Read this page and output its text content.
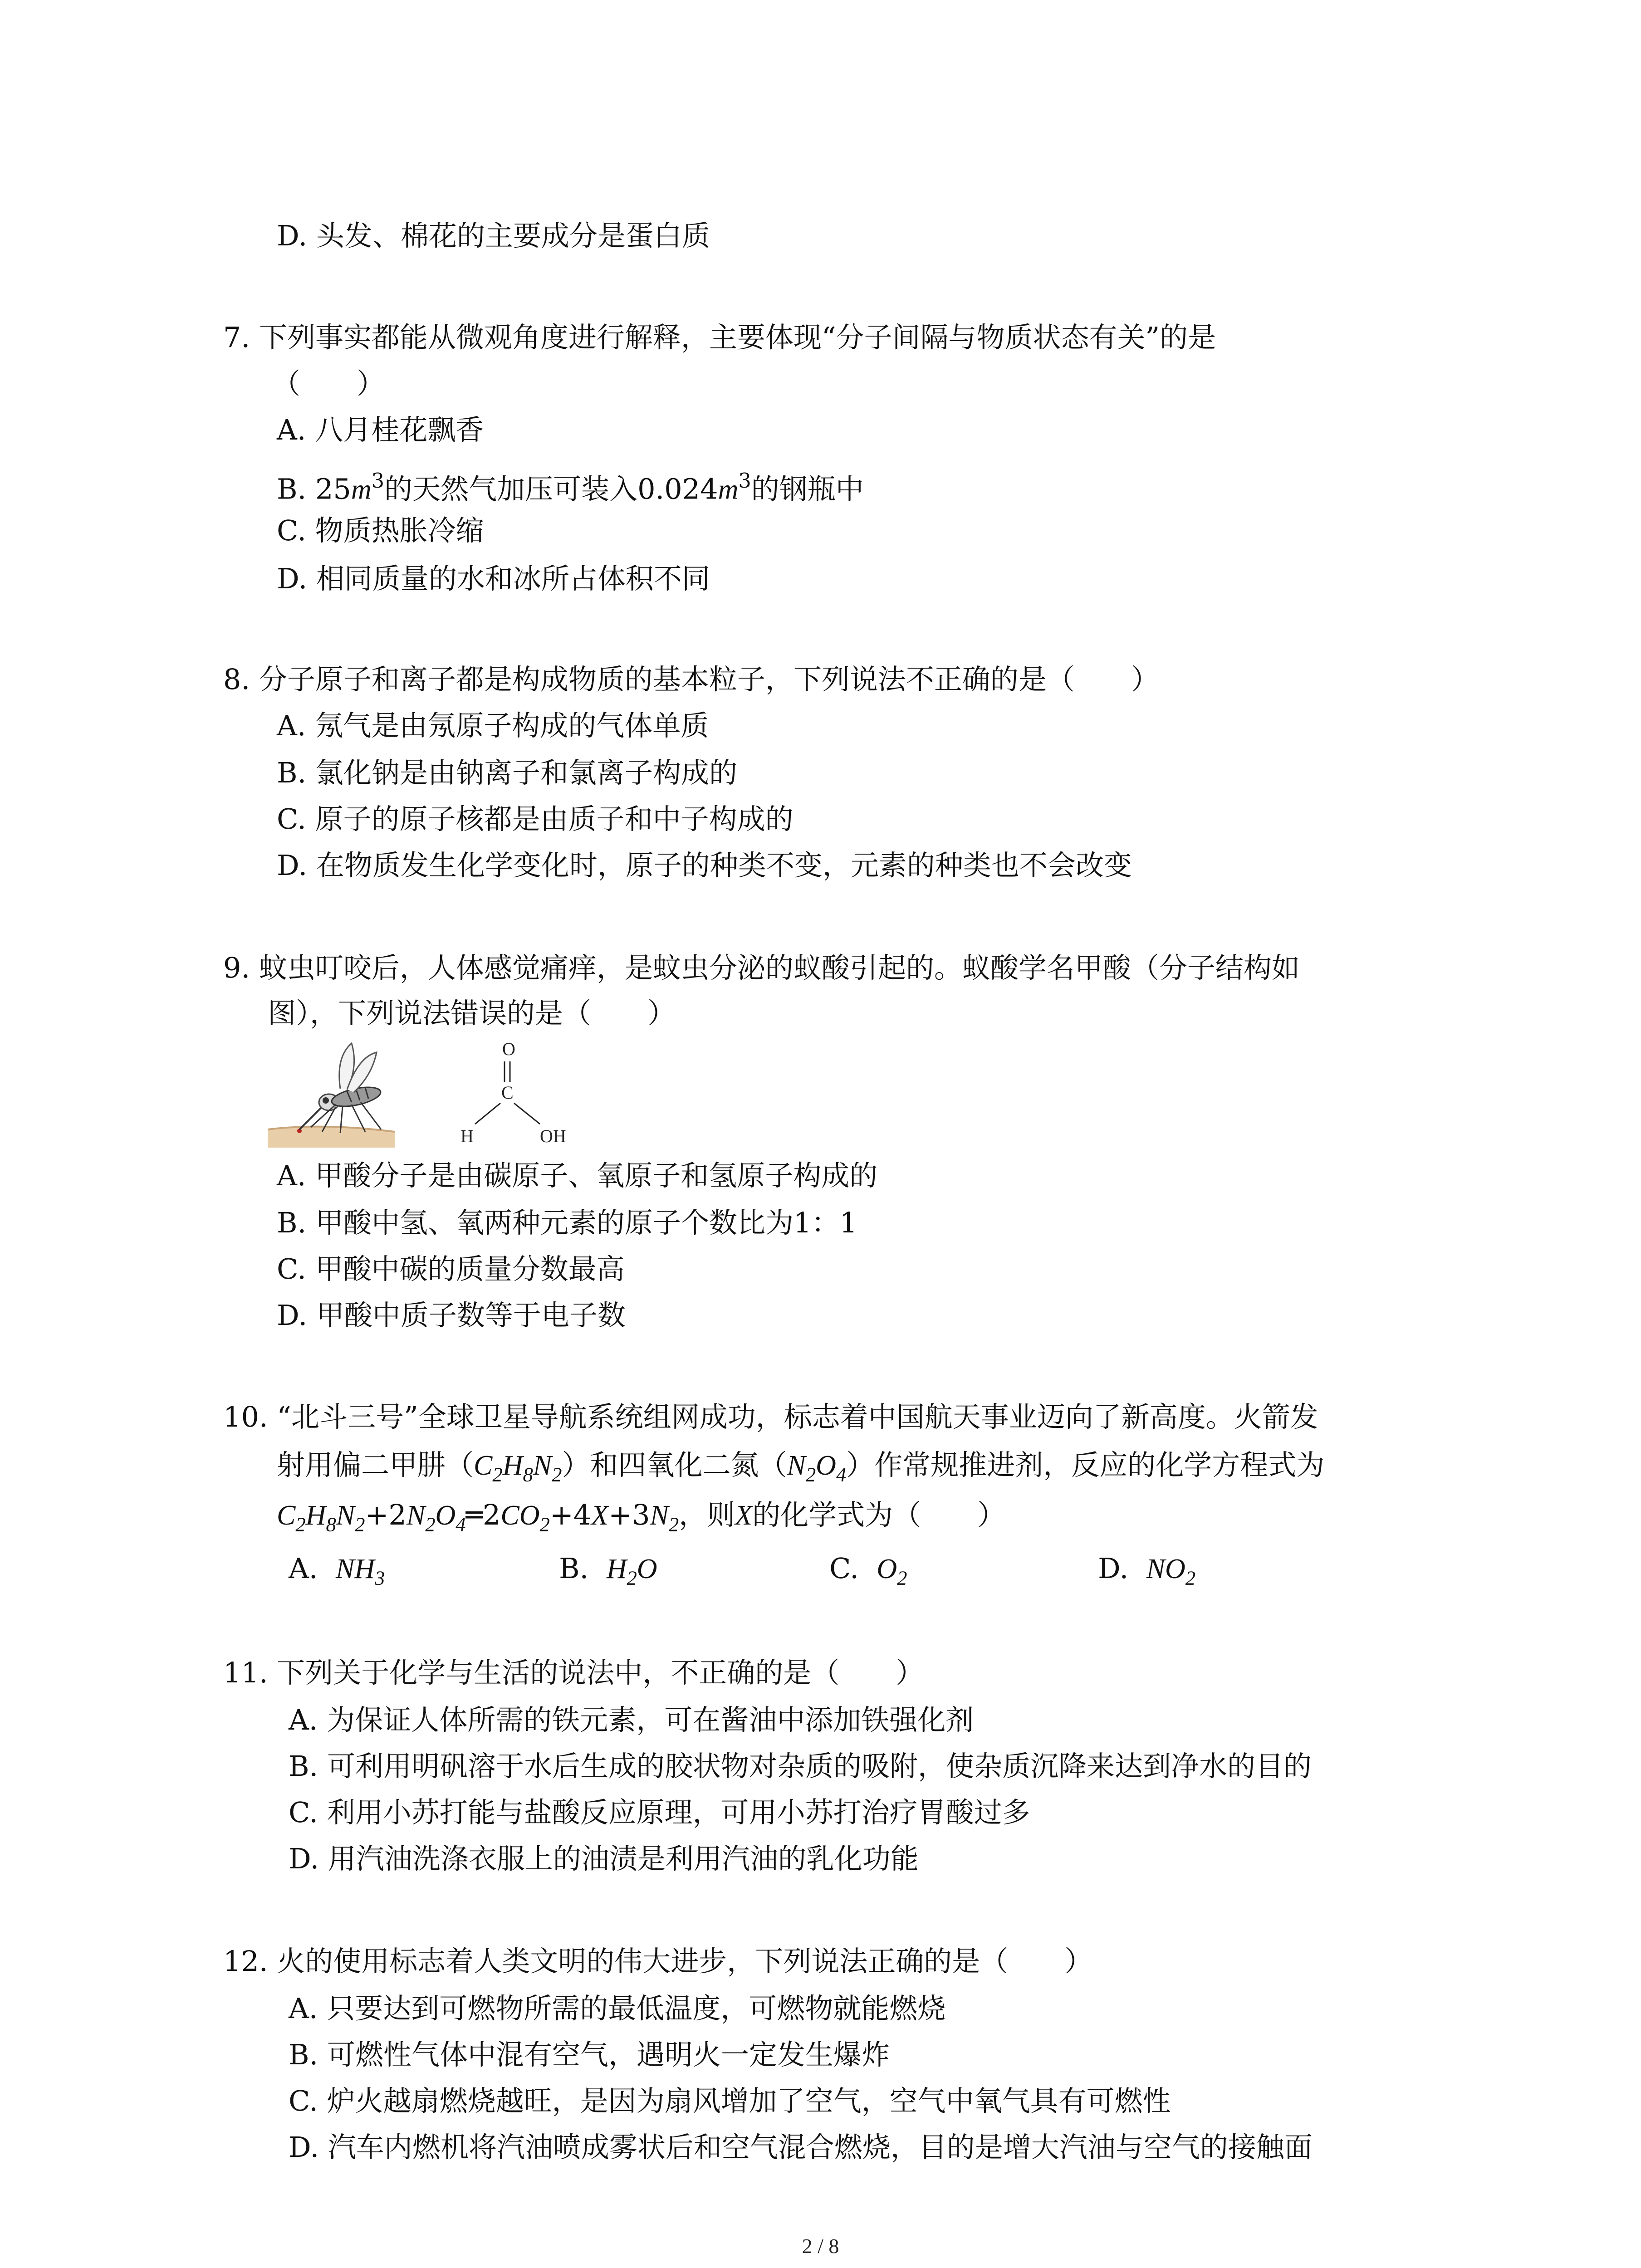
D. 头发、棉花的主要成分是蛋白质
7. 下列事实都能从微观角度进行解释，主要体现“分子间隔与物质状态有关”的是
（　　）
A. 八月桂花飘香
B. $25m^3$的天然气加压可装入$0.024m^3$的钢瓶中
C. 物质热胀冷缩
D. 相同质量的水和冰所占体积不同
8. 分子原子和离子都是构成物质的基本粒子，下列说法不正确的是（　　）
A. 氖气是由氖原子构成的气体单质
B. 氯化钠是由钠离子和氯离子构成的
C. 原子的原子核都是由质子和中子构成的
D. 在物质发生化学变化时，原子的种类不变，元素的种类也不会改变
9. 蚊虫叮咬后，人体感觉痛痒，是蚊虫分泌的蚁酸引起的。蚁酸学名甲酸（分子结构如
图），下列说法错误的是（　　）
O
C
H	OH
A. 甲酸分子是由碳原子、氧原子和氢原子构成的
B. 甲酸中氢、氧两种元素的原子个数比为1：1
C. 甲酸中碳的质量分数最高
D. 甲酸中质子数等于电子数
10. “北斗三号”全球卫星导航系统组网成功，标志着中国航天事业迈向了新高度。火箭发
射用偏二甲肼$(C_2H_8N_2)$和四氧化二氮$(N_2O_4)$作常规推进剂，反应的化学方程式为
$C_2H_8N_2+2N_2O_4═2CO_2+4X+3N_2$，则X的化学式为（　　）
A. $NH_3$	B. $H_2O$	C. $O_2$	D. $NO_2$
11. 下列关于化学与生活的说法中，不正确的是（　　）
A. 为保证人体所需的铁元素，可在酱油中添加铁强化剂
B. 可利用明矾溶于水后生成的胶状物对杂质的吸附，使杂质沉降来达到净水的目的
C. 利用小苏打能与盐酸反应原理，可用小苏打治疗胃酸过多
D. 用汽油洗涤衣服上的油渍是利用汽油的乳化功能
12. 火的使用标志着人类文明的伟大进步，下列说法正确的是（　　）
A. 只要达到可燃物所需的最低温度，可燃物就能燃烧
B. 可燃性气体中混有空气，遇明火一定发生爆炸
C. 炉火越扇燃烧越旺，是因为扇风增加了空气，空气中氧气具有可燃性
D. 汽车内燃机将汽油喷成雾状后和空气混合燃烧，目的是增大汽油与空气的接触面
2 / 8
